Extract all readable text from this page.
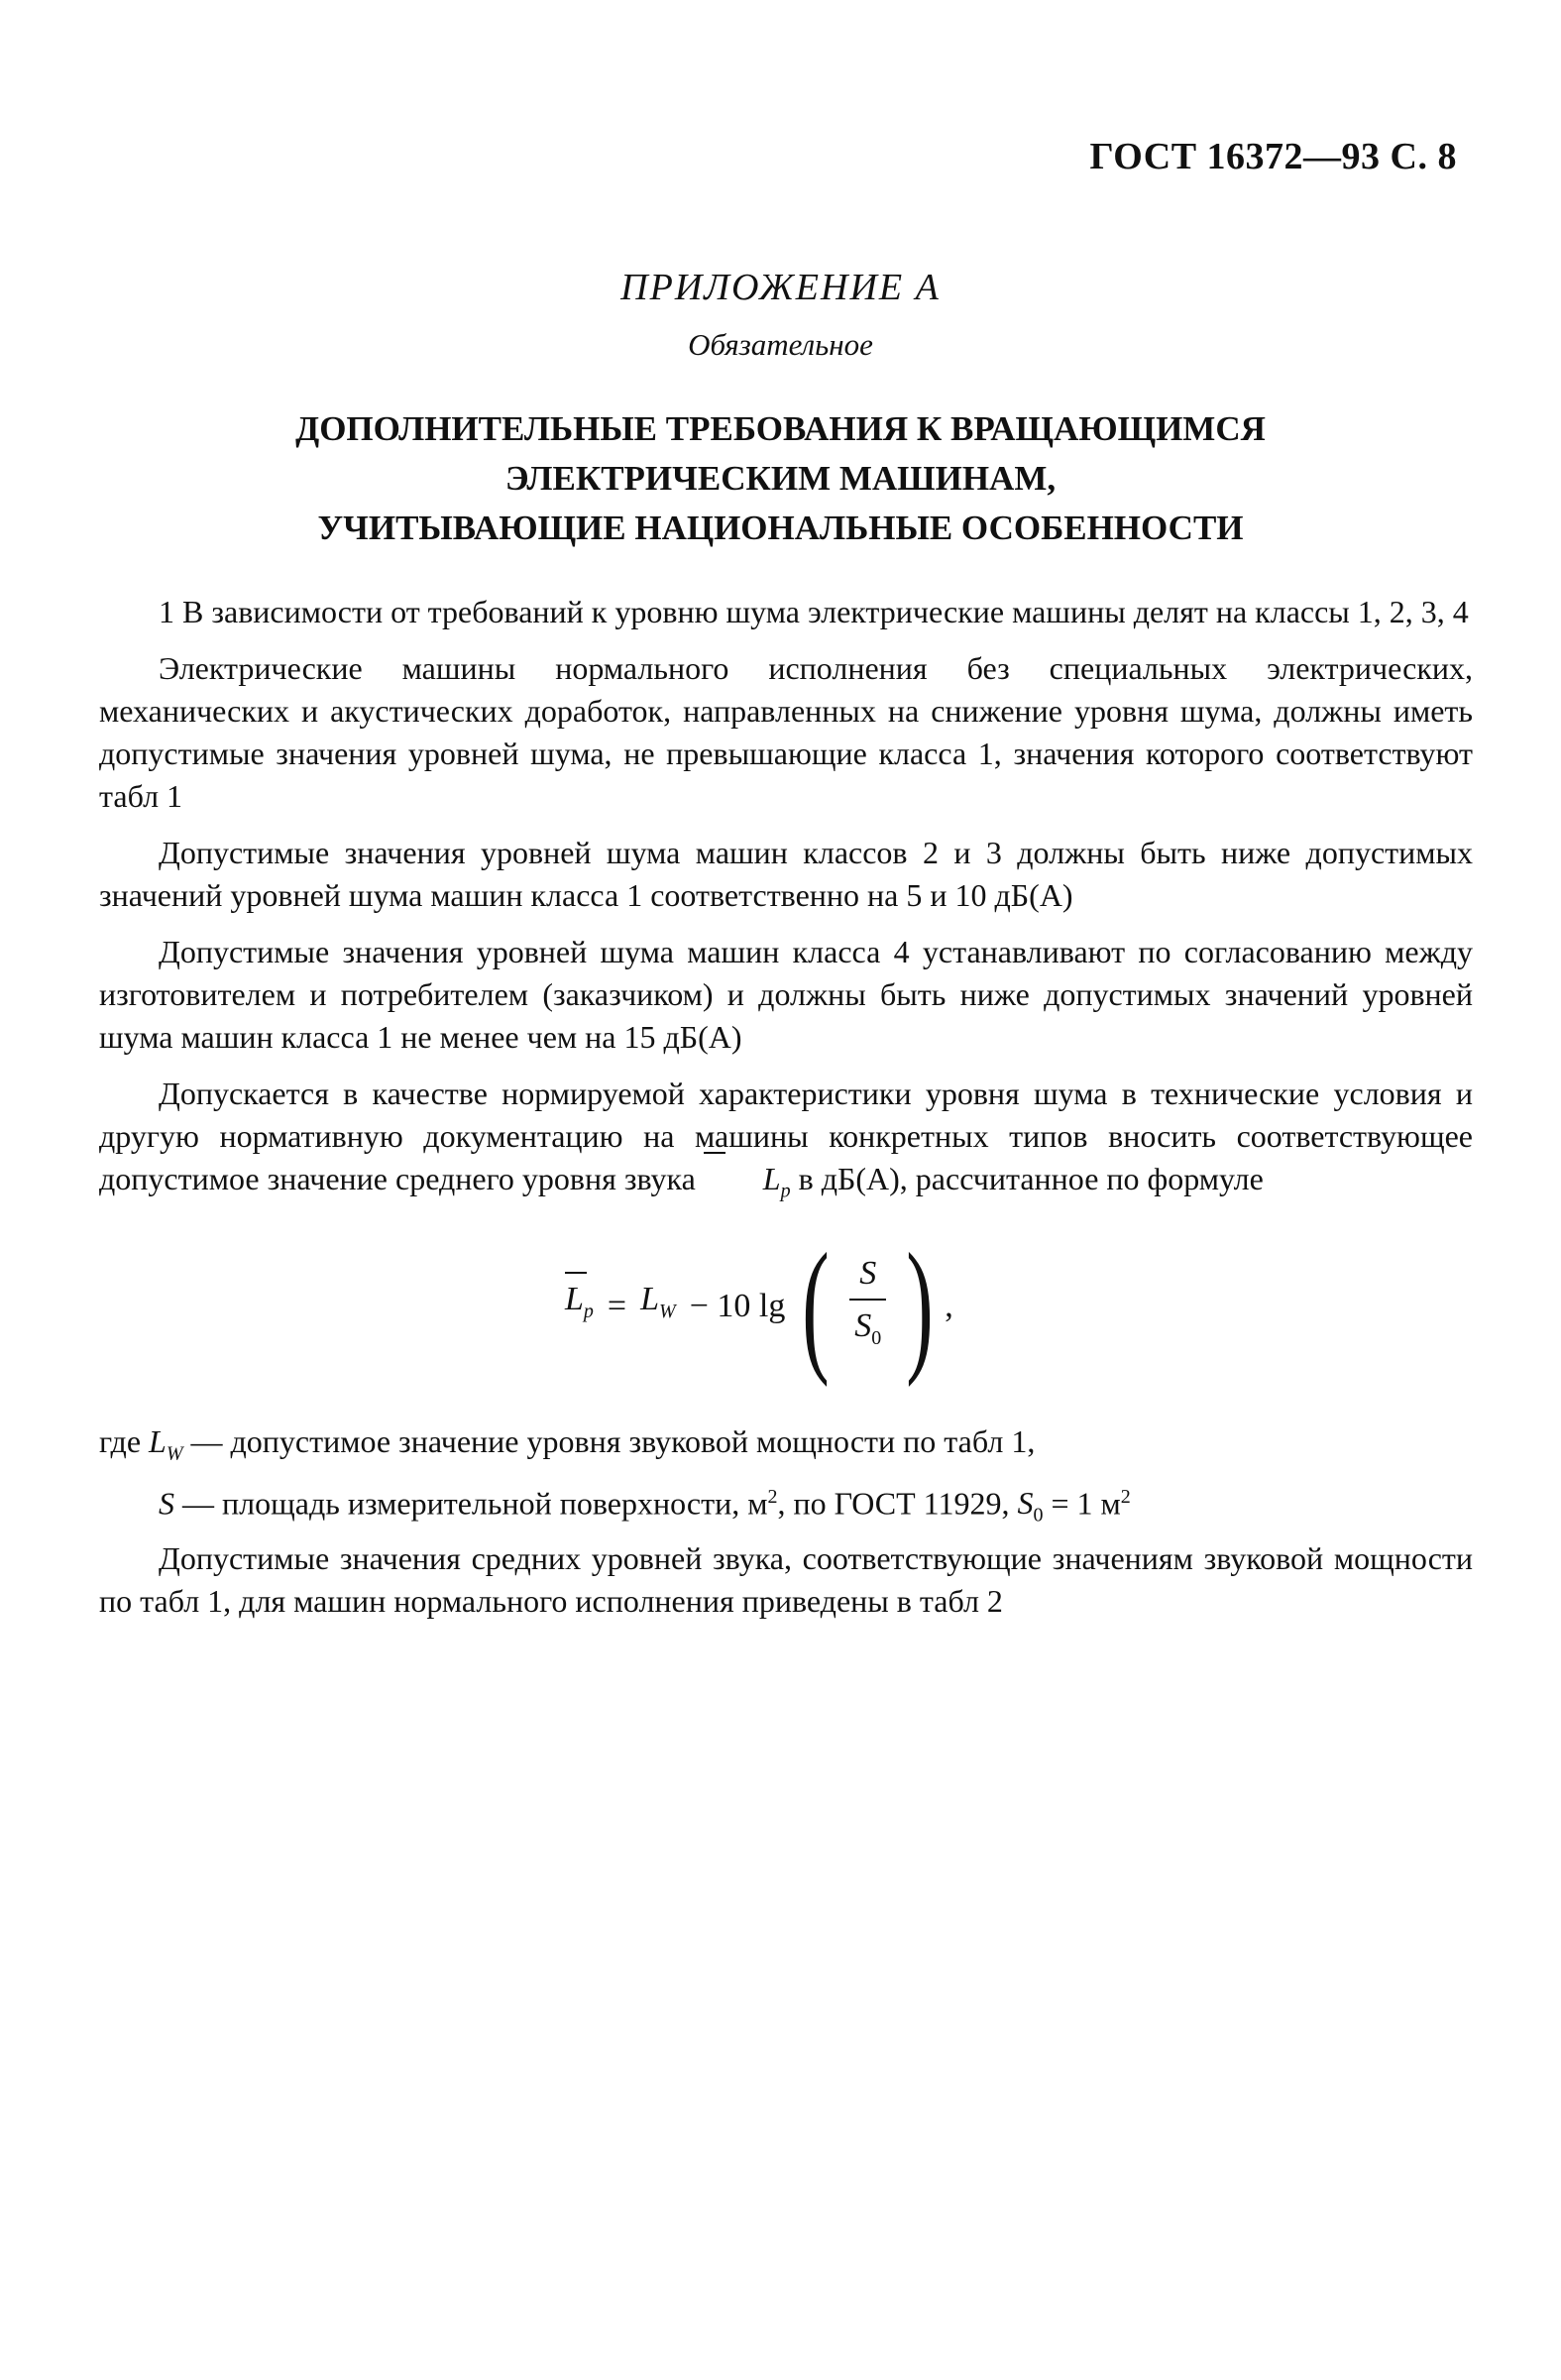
ГОСТ 16372—93 С. 8
ПРИЛОЖЕНИЕ А
Обязательное
ДОПОЛНИТЕЛЬНЫЕ ТРЕБОВАНИЯ К ВРАЩАЮЩИМСЯ
ЭЛЕКТРИЧЕСКИМ МАШИНАМ,
УЧИТЫВАЮЩИЕ НАЦИОНАЛЬНЫЕ ОСОБЕННОСТИ

1 В зависимости от требований к уровню шума электрические машины делят на классы 1, 2, 3, 4

Электрические машины нормального исполнения без специальных электрических, механических и акустических доработок, направленных на снижение уровня шума, должны иметь допустимые значения уровней шума, не превышающие класса 1, значения которого соответствуют табл 1

Допустимые значения уровней шума машин классов 2 и 3 должны быть ниже допустимых значений уровней шума машин класса 1 соответственно на 5 и 10 дБ(А)

Допустимые значения уровней шума машин класса 4 устанавливают по согласованию между изготовителем и потребителем (заказчиком) и должны быть ниже допустимых значений уровней шума машин класса 1 не менее чем на 15 дБ(А)

Допускается в качестве нормируемой характеристики уровня шума в технические условия и другую нормативную документацию на машины конкретных типов вносить соответствующее допустимое значение среднего уровня звука $L_p$ в дБ(А), рассчитанное по формуле

$L_p = L_W - 10$ lg ( $\frac{S}{S_0}$ ) ,

где $L_W$ — допустимое значение уровня звуковой мощности по табл 1,

S — площадь измерительной поверхности, $м^2$, по ГОСТ 11929, $S_0 = 1$ $м^2$

Допустимые значения средних уровней звука, соответствующие значениям звуковой мощности по табл 1, для машин нормального исполнения приведены в табл 2
